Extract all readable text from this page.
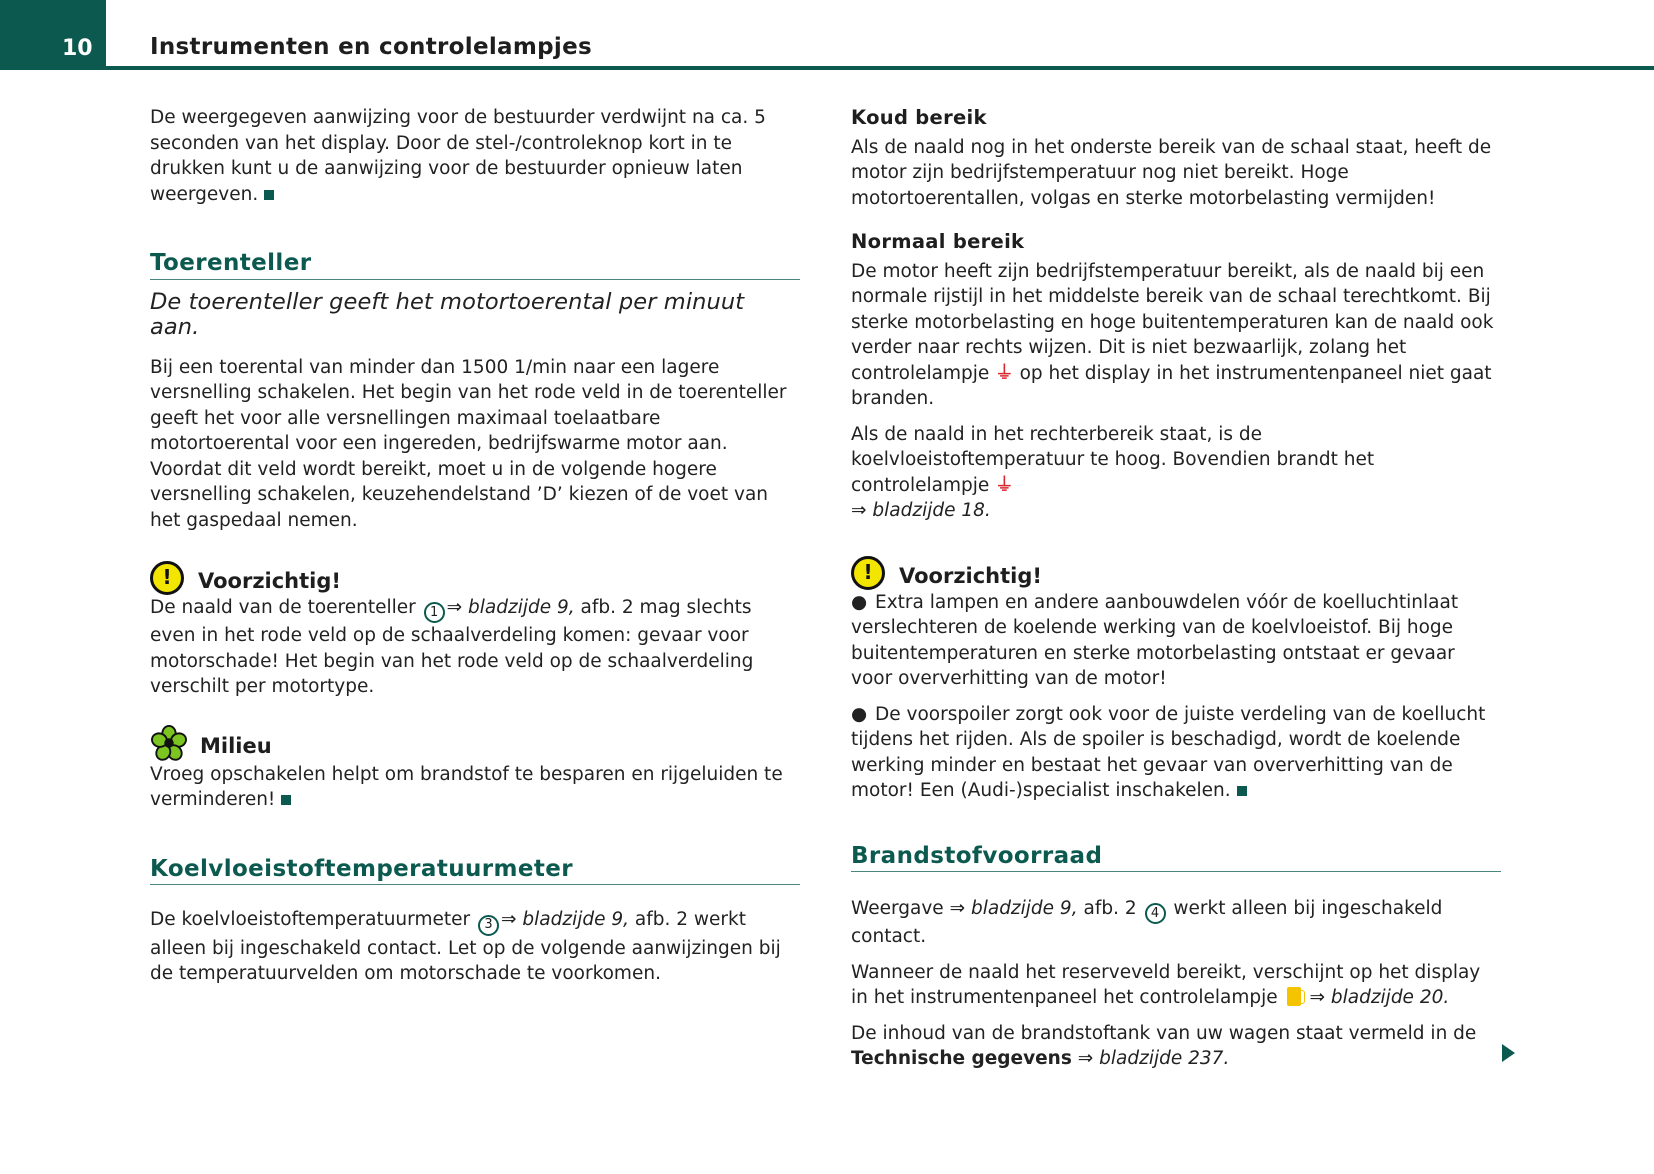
10	Instrumenten en controlelampjes

De weergegeven aanwijzing voor de bestuurder verdwijnt na ca. 5 seconden van het display. Door de stel-/controleknop kort in te drukken kunt u de aanwijzing voor de bestuurder opnieuw laten weergeven.

Toerenteller

De toerenteller geeft het motortoerental per minuut aan.

Bij een toerental van minder dan 1500 1/min naar een lagere versnelling schakelen. Het begin van het rode veld in de toerenteller geeft het voor alle versnellingen maximaal toelaatbare motortoerental voor een ingereden, bedrijfswarme motor aan. Voordat dit veld wordt bereikt, moet u in de volgende hogere versnelling schakelen, keuzehendelstand ’D’ kiezen of de voet van het gaspedaal nemen.

!	Voorzichtig!

De naald van de toerenteller 1 ⇒ bladzijde 9, afb. 2 mag slechts even in het rode veld op de schaalverdeling komen: gevaar voor motorschade! Het begin van het rode veld op de schaalverdeling verschilt per motortype.

Milieu

Vroeg opschakelen helpt om brandstof te besparen en rijgeluiden te verminderen!

Koelvloeistoftemperatuurmeter

De koelvloeistoftemperatuurmeter 3 ⇒ bladzijde 9, afb. 2 werkt alleen bij ingeschakeld contact. Let op de volgende aanwijzingen bij de temperatuurvelden om motorschade te voorkomen.

Koud bereik

Als de naald nog in het onderste bereik van de schaal staat, heeft de motor zijn bedrijfstemperatuur nog niet bereikt. Hoge motortoerentallen, volgas en sterke motorbelasting vermijden!

Normaal bereik

De motor heeft zijn bedrijfstemperatuur bereikt, als de naald bij een normale rijstijl in het middelste bereik van de schaal terechtkomt. Bij sterke motorbelasting en hoge buitentemperaturen kan de naald ook verder naar rechts wijzen. Dit is niet bezwaarlijk, zolang het controlelampje ⏚ op het display in het instrumentenpaneel niet gaat branden.

Als de naald in het rechterbereik staat, is de koelvloeistoftemperatuur te hoog. Bovendien brandt het controlelampje ⏚
⇒ bladzijde 18.

!	Voorzichtig!

● Extra lampen en andere aanbouwdelen vóór de koelluchtinlaat verslechteren de koelende werking van de koelvloeistof. Bij hoge buitentemperaturen en sterke motorbelasting ontstaat er gevaar voor oververhitting van de motor!

● De voorspoiler zorgt ook voor de juiste verdeling van de koellucht tijdens het rijden. Als de spoiler is beschadigd, wordt de koelende werking minder en bestaat het gevaar van oververhitting van de motor! Een (Audi-)specialist inschakelen.

Brandstofvoorraad

Weergave ⇒ bladzijde 9, afb. 2 4 werkt alleen bij ingeschakeld contact.

Wanneer de naald het reserveveld bereikt, verschijnt op het display in het instrumentenpaneel het controlelampje ⇒ bladzijde 20.

De inhoud van de brandstoftank van uw wagen staat vermeld in de Technische gegevens ⇒ bladzijde 237.
